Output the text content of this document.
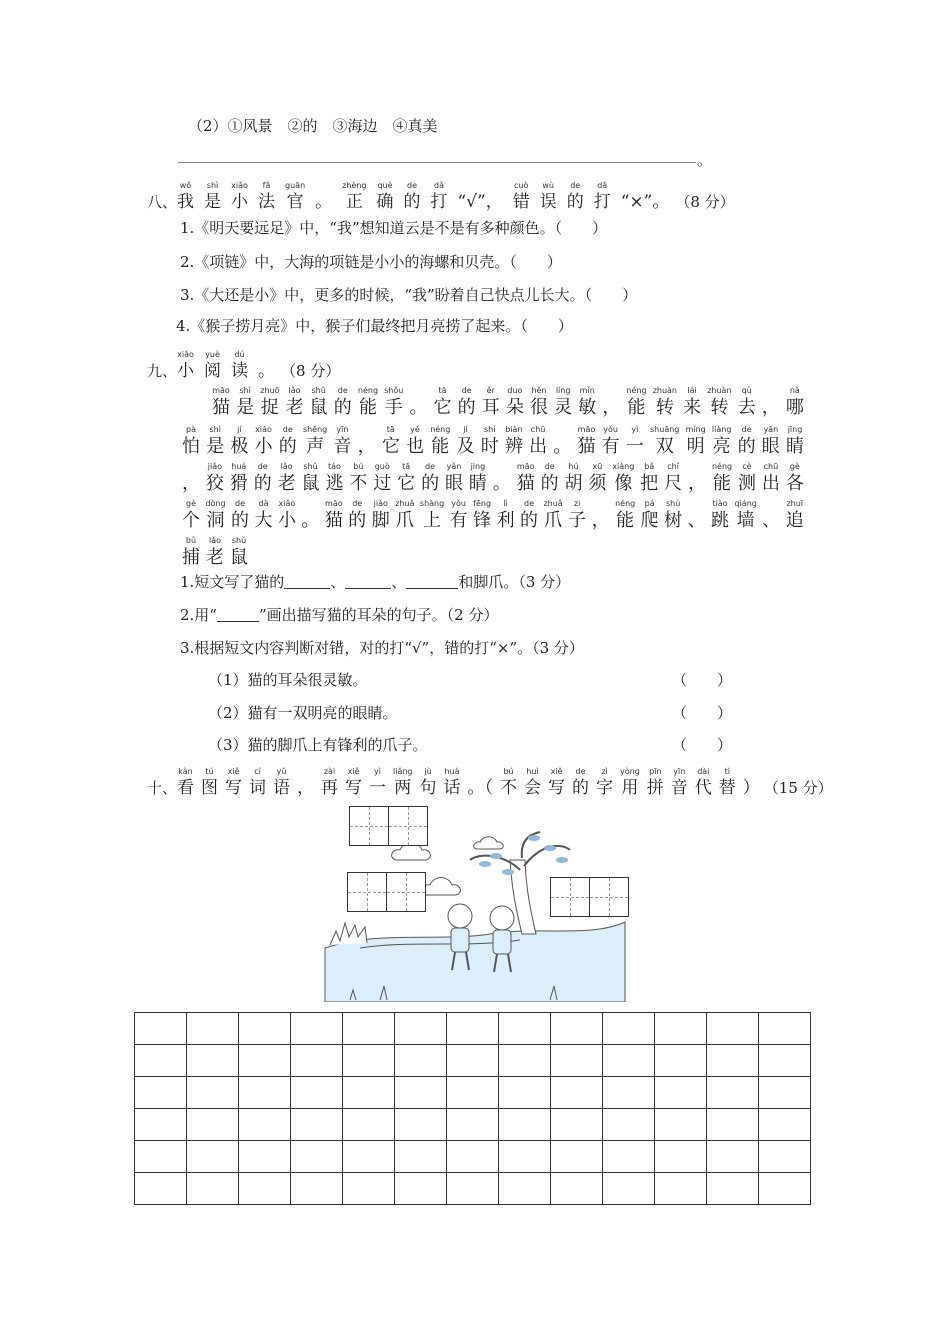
（2）①风景　②的　③海边　④真美
。
八、
wǒ
我
shì
是
xiǎo
小
fǎ
法
guān
官 。
zhèng
正
què
确
de
的
dǎ
打 “√”，
cuò
错
wù
误
de
的
dǎ
打 “×”。 （8 分）
1.《明天要远足》中，“我”想知道云是不是有多种颜色。（　　）
2.《项链》中，大海的项链是小小的海螺和贝壳。（　　）
3.《大还是小》中，更多的时候，“我”盼着自己快点儿长大。（　　）
4.《猴子捞月亮》中，猴子们最终把月亮捞了起来。（　　）
九、
xiǎo
小
yuè
阅
dú
读 。 （8 分）
māo
猫
shì
是
zhuō
捉
lǎo
老
shǔ
鼠
de
的
néng
能
shǒu
手 。
tā
它
de
的
ěr
耳
duo
朵
hěn
很
líng
灵
mǐn
敏 ，
néng
能
zhuàn
转
lái
来
zhuàn
转
qù
去 ，
nǎ
哪
pà
怕
shì
是
jí
极
xiǎo
小
de
的
shēng
声
yīn
音 ，
tā
它
yě
也
néng
能
jí
及
shí
时
biàn
辨
chū
出 。
māo
猫
yǒu
有
yì
一
shuāng
双
míng
明
liàng
亮
de
的
yǎn
眼
jīng
睛
，
jiǎo
狡
huá
猾
de
的
lǎo
老
shǔ
鼠
táo
逃
bú
不
guò
过
tā
它
de
的
yǎn
眼
jing
睛 。
māo
猫
de
的
hú
胡
xū
须
xiàng
像
bǎ
把
chǐ
尺 ，
néng
能
cè
测
chū
出
gè
各
gè
个
dòng
洞
de
的
dà
大
xiǎo
小 。
māo
猫
de
的
jiǎo
脚
zhuǎ
爪
shàng
上
yǒu
有
fēng
锋
lì
利
de
的
zhuǎ
爪
zi
子 ，
néng
能
pá
爬
shù
树 、
tiào
跳
qiáng
墙 、
zhuī
追
bǔ
捕
lǎo
老
shǔ
鼠
1.短文写了猫的	、	、	和脚爪。（3 分）
2.用“	”画出描写猫的耳朵的句子。（2 分）
3.根据短文内容判断对错，对的打“√”，错的打“×”。（3 分）
（1）猫的耳朵很灵敏。	（　　）
（2）猫有一双明亮的眼睛。	（　　）
（3）猫的脚爪上有锋利的爪子。	（　　）
十、
kàn
看
tú
图
xiě
写
cí
词
yǔ
语 ，
zài
再
xiě
写
yì
一
liǎng
两
jù
句
huà
话 。（
bú
不
huì
会
xiě
写
de
的
zì
字
yòng
用
pīn
拼
yīn
音
dài
代
tì
替 ） （15 分）
